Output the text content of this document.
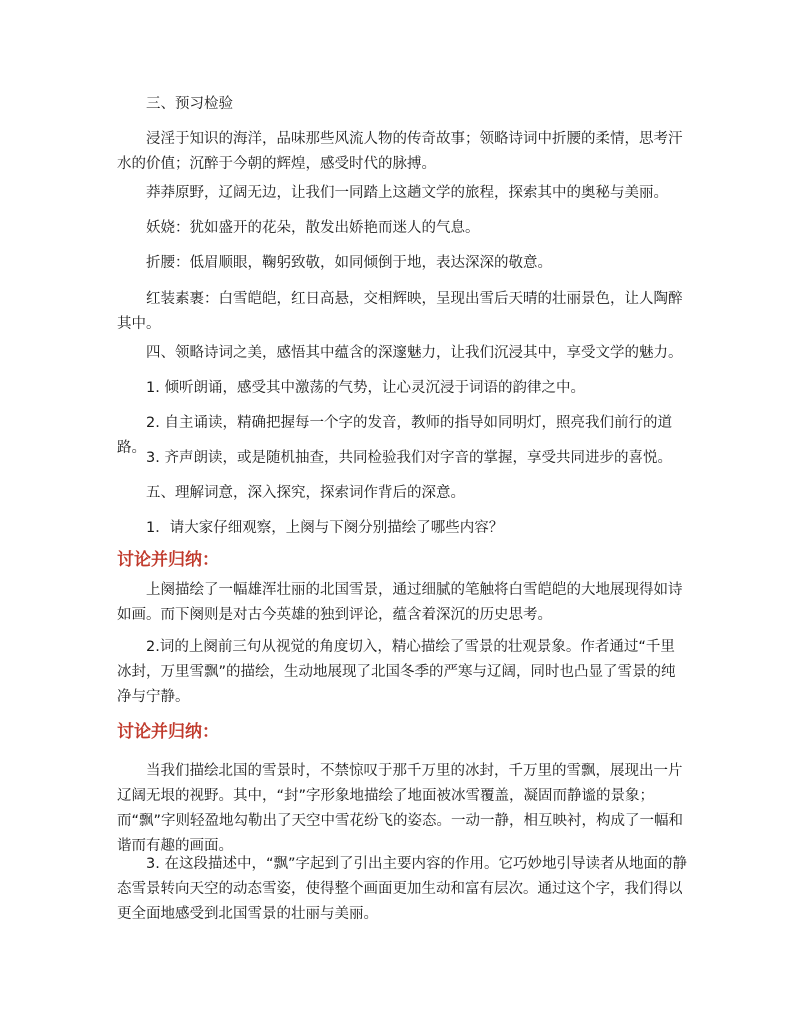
三、预习检验

浸淫于知识的海洋，品味那些风流人物的传奇故事；领略诗词中折腰的柔情，思考汗水的价值；沉醉于今朝的辉煌，感受时代的脉搏。

莽莽原野，辽阔无边，让我们一同踏上这趟文学的旅程，探索其中的奥秘与美丽。

妖娆：犹如盛开的花朵，散发出娇艳而迷人的气息。

折腰：低眉顺眼，鞠躬致敬，如同倾倒于地，表达深深的敬意。

红装素裹：白雪皑皑，红日高悬，交相辉映，呈现出雪后天晴的壮丽景色，让人陶醉其中。

四、领略诗词之美，感悟其中蕴含的深邃魅力，让我们沉浸其中，享受文学的魅力。

1. 倾听朗诵，感受其中激荡的气势，让心灵沉浸于词语的韵律之中。

2. 自主诵读，精确把握每一个字的发音，教师的指导如同明灯，照亮我们前行的道路。

3. 齐声朗读，或是随机抽查，共同检验我们对字音的掌握，享受共同进步的喜悦。

五、理解词意，深入探究，探索词作背后的深意。

1．请大家仔细观察，上阕与下阕分别描绘了哪些内容？

讨论并归纳：

上阕描绘了一幅雄浑壮丽的北国雪景，通过细腻的笔触将白雪皑皑的大地展现得如诗如画。而下阕则是对古今英雄的独到评论，蕴含着深沉的历史思考。

2.词的上阕前三句从视觉的角度切入，精心描绘了雪景的壮观景象。作者通过“千里冰封，万里雪飘”的描绘，生动地展现了北国冬季的严寒与辽阔，同时也凸显了雪景的纯净与宁静。

讨论并归纳：

当我们描绘北国的雪景时，不禁惊叹于那千万里的冰封，千万里的雪飘，展现出一片辽阔无垠的视野。其中，“封”字形象地描绘了地面被冰雪覆盖，凝固而静谧的景象；而“飘”字则轻盈地勾勒出了天空中雪花纷飞的姿态。一动一静，相互映衬，构成了一幅和谐而有趣的画面。

3. 在这段描述中，“飘”字起到了引出主要内容的作用。它巧妙地引导读者从地面的静态雪景转向天空的动态雪姿，使得整个画面更加生动和富有层次。通过这个字，我们得以更全面地感受到北国雪景的壮丽与美丽。
